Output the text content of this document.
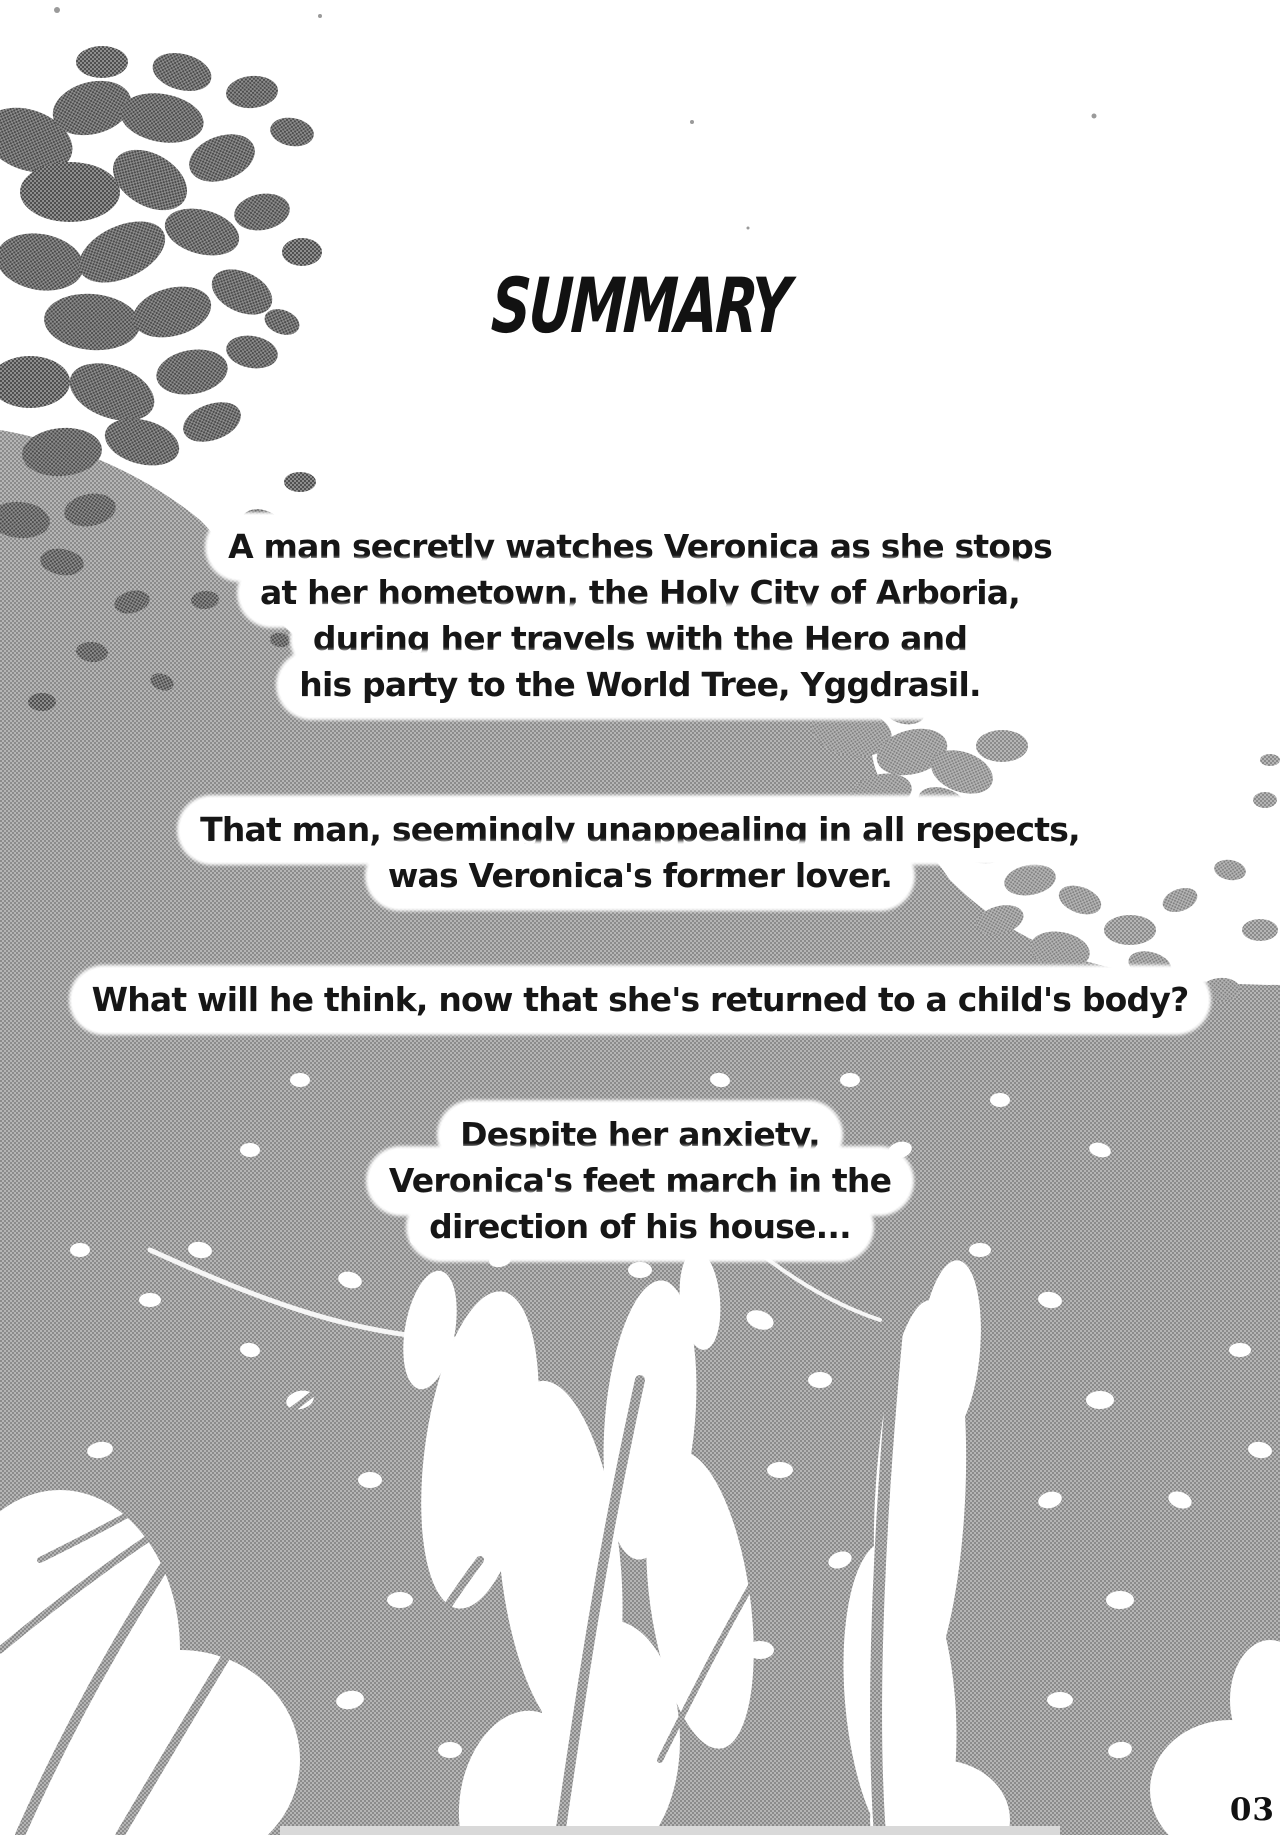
SUMMARY
A man secretly watches Veronica as she stops
at her hometown, the Holy City of Arboria,
during her travels with the Hero and
his party to the World Tree, Yggdrasil.
That man, seemingly unappealing in all respects,
was Veronica's former lover.
What will he think, now that she's returned to a child's body?
Despite her anxiety,
Veronica's feet march in the
direction of his house...
03
